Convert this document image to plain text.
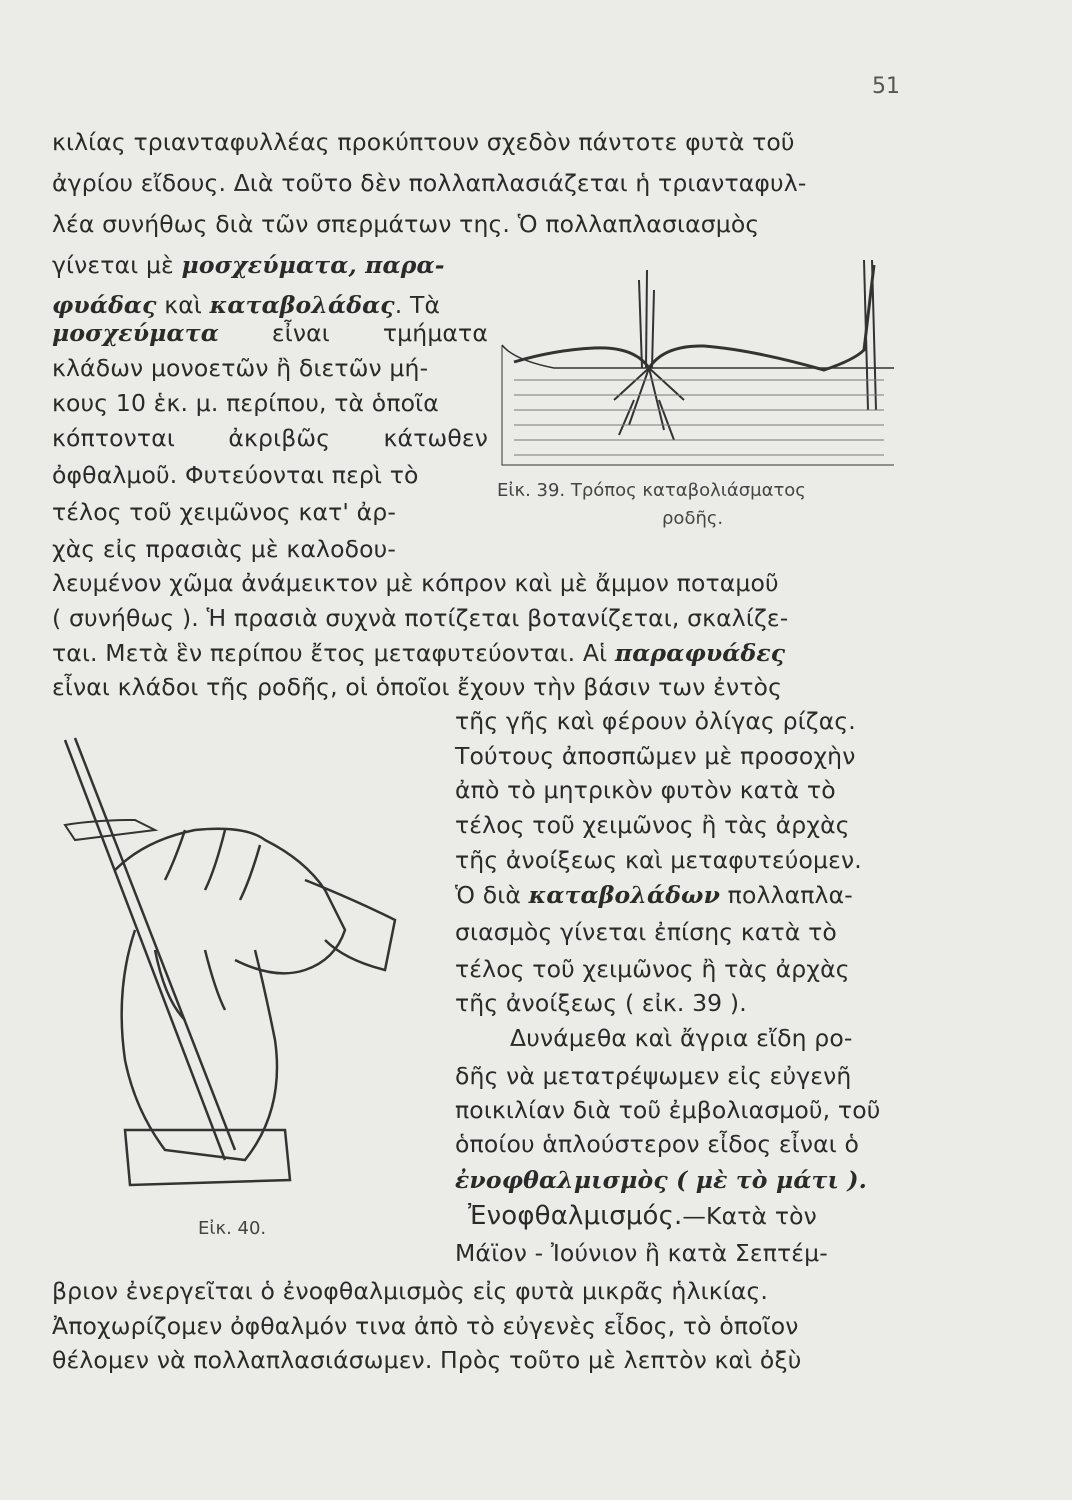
51
κιλίας τριανταφυλλέας προκύπτουν σχεδὸν πάντοτε φυτὰ τοῦ
ἀγρίου εἴδους. Διὰ τοῦτο δὲν πολλαπλασιάζεται ἡ τριανταφυλ-
λέα συνήθως διὰ τῶν σπερμάτων της. Ὁ πολλαπλασιασμὸς
γίνεται μὲ μοσχεύματα, παρα-
φυάδας καὶ καταβολάδας. Τὰ
μοσχεύματα εἶναι τμήματα
κλάδων μονοετῶν ἢ διετῶν μή-
κους 10 ἑκ. μ. περίπου, τὰ ὁποῖα
κόπτονται ἀκριβῶς κάτωθεν
ὀφθαλμοῦ. Φυτεύονται περὶ τὸ
τέλος τοῦ χειμῶνος κατ' ἀρ-
χὰς εἰς πρασιὰς μὲ καλοδου-
λευμένον χῶμα ἀνάμεικτον μὲ κόπρον καὶ μὲ ἄμμον ποταμοῦ
( συνήθως ). Ἡ πρασιὰ συχνὰ ποτίζεται βοτανίζεται, σκαλίζε-
ται. Μετὰ ἓν περίπου ἔτος μεταφυτεύονται. Αἱ παραφυάδες
εἶναι κλάδοι τῆς ροδῆς, οἱ ὁποῖοι ἔχουν τὴν βάσιν των ἐντὸς
τῆς γῆς καὶ φέρουν ὀλίγας ρίζας.
Τούτους ἀποσπῶμεν μὲ προσοχὴν
ἀπὸ τὸ μητρικὸν φυτὸν κατὰ τὸ
τέλος τοῦ χειμῶνος ἢ τὰς ἀρχὰς
τῆς ἀνοίξεως καὶ μεταφυτεύομεν.
Ὁ διὰ καταβολάδων πολλαπλα-
σιασμὸς γίνεται ἐπίσης κατὰ τὸ
τέλος τοῦ χειμῶνος ἢ τὰς ἀρχὰς
τῆς ἀνοίξεως ( εἰκ. 39 ).
Δυνάμεθα καὶ ἄγρια εἴδη ρο-
δῆς νὰ μετατρέψωμεν εἰς εὐγενῆ
ποικιλίαν διὰ τοῦ ἐμβολιασμοῦ, τοῦ
ὁποίου ἁπλούστερον εἶδος εἶναι ὁ
ἐνοφθαλμισμὸς ( μὲ τὸ μάτι ).
Ἐνοφθαλμισμός.—Κατὰ τὸν
Μάϊον - Ἰούνιον ἢ κατὰ Σεπτέμ-
βριον ἐνεργεῖται ὁ ἐνοφθαλμισμὸς εἰς φυτὰ μικρᾶς ἡλικίας.
Ἀποχωρίζομεν ὀφθαλμόν τινα ἀπὸ τὸ εὐγενὲς εἶδος, τὸ ὁποῖον
θέλομεν νὰ πολλαπλασιάσωμεν. Πρὸς τοῦτο μὲ λεπτὸν καὶ ὀξὺ
Εἰκ. 39. Τρόπος καταβολιάσματος
ροδῆς.
Εἰκ. 40.
